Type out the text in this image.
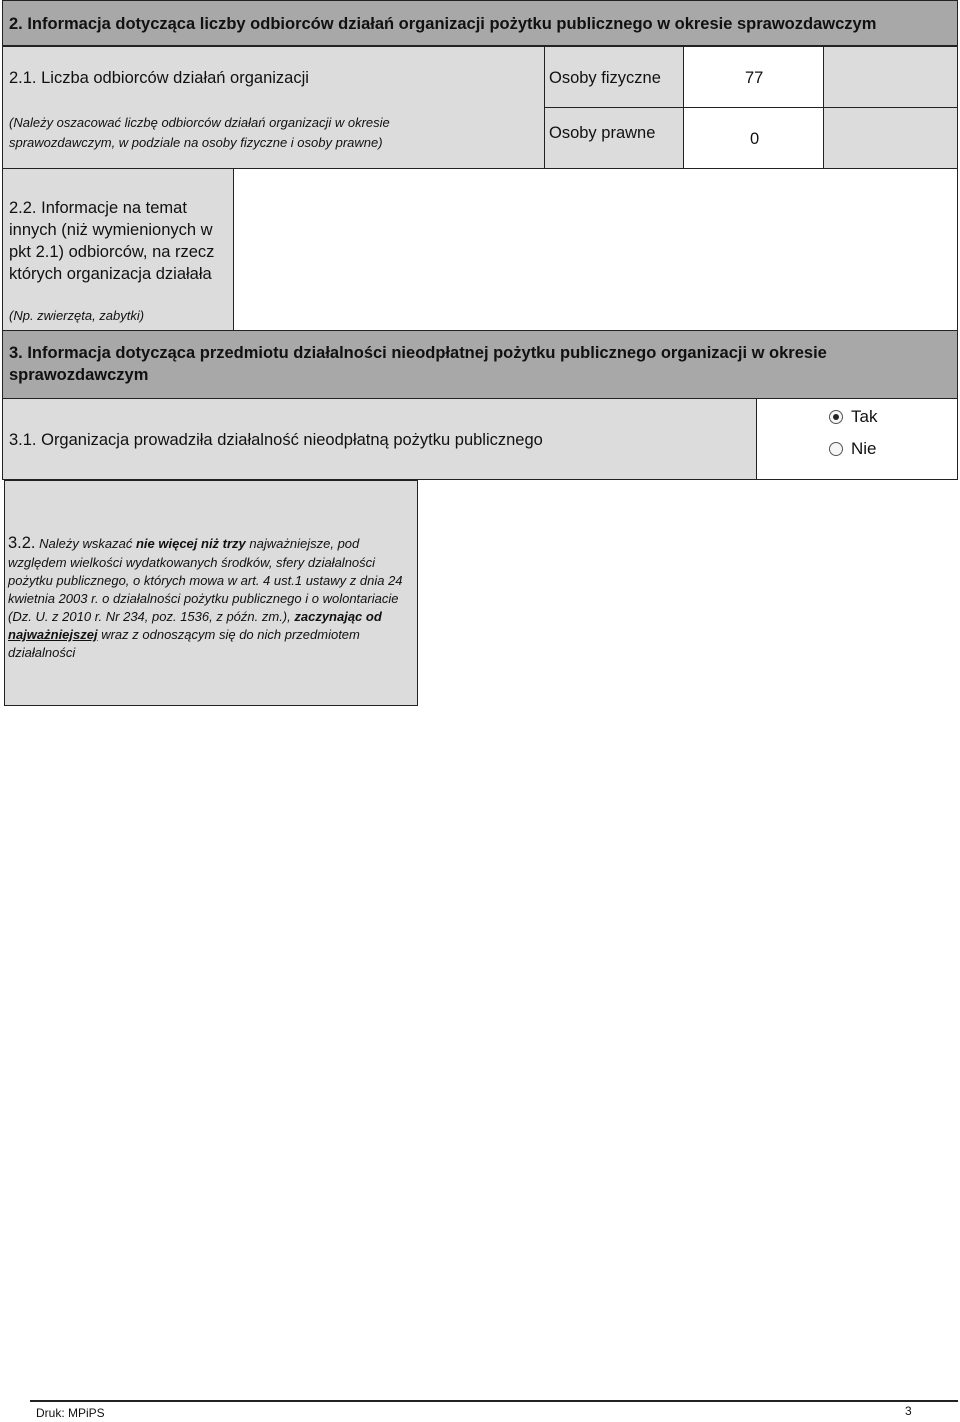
2. Informacja dotycząca liczby odbiorców działań organizacji pożytku publicznego w okresie sprawozdawczym
2.1. Liczba odbiorców działań organizacji
(Należy oszacować liczbę odbiorców działań organizacji w okresie sprawozdawczym, w podziale na osoby fizyczne i osoby prawne)
Osoby fizyczne	77
Osoby prawne	0
2.2. Informacje na temat innych (niż wymienionych w pkt 2.1) odbiorców, na rzecz których organizacja działała
(Np. zwierzęta, zabytki)
3. Informacja dotycząca przedmiotu działalności nieodpłatnej pożytku publicznego organizacji w okresie sprawozdawczym
3.1. Organizacja prowadziła działalność nieodpłatną pożytku publicznego
Tak
Nie
3.2. Należy wskazać nie więcej niż trzy najważniejsze, pod względem wielkości wydatkowanych środków, sfery działalności pożytku publicznego, o których mowa w art. 4 ust.1 ustawy z dnia 24 kwietnia 2003 r. o działalności pożytku publicznego i o wolontariacie (Dz. U. z 2010 r. Nr 234, poz. 1536, z późn. zm.), zaczynając od
najważniejszej wraz z odnoszącym się do nich przedmiotem działalności
Druk: MPiPS	3
